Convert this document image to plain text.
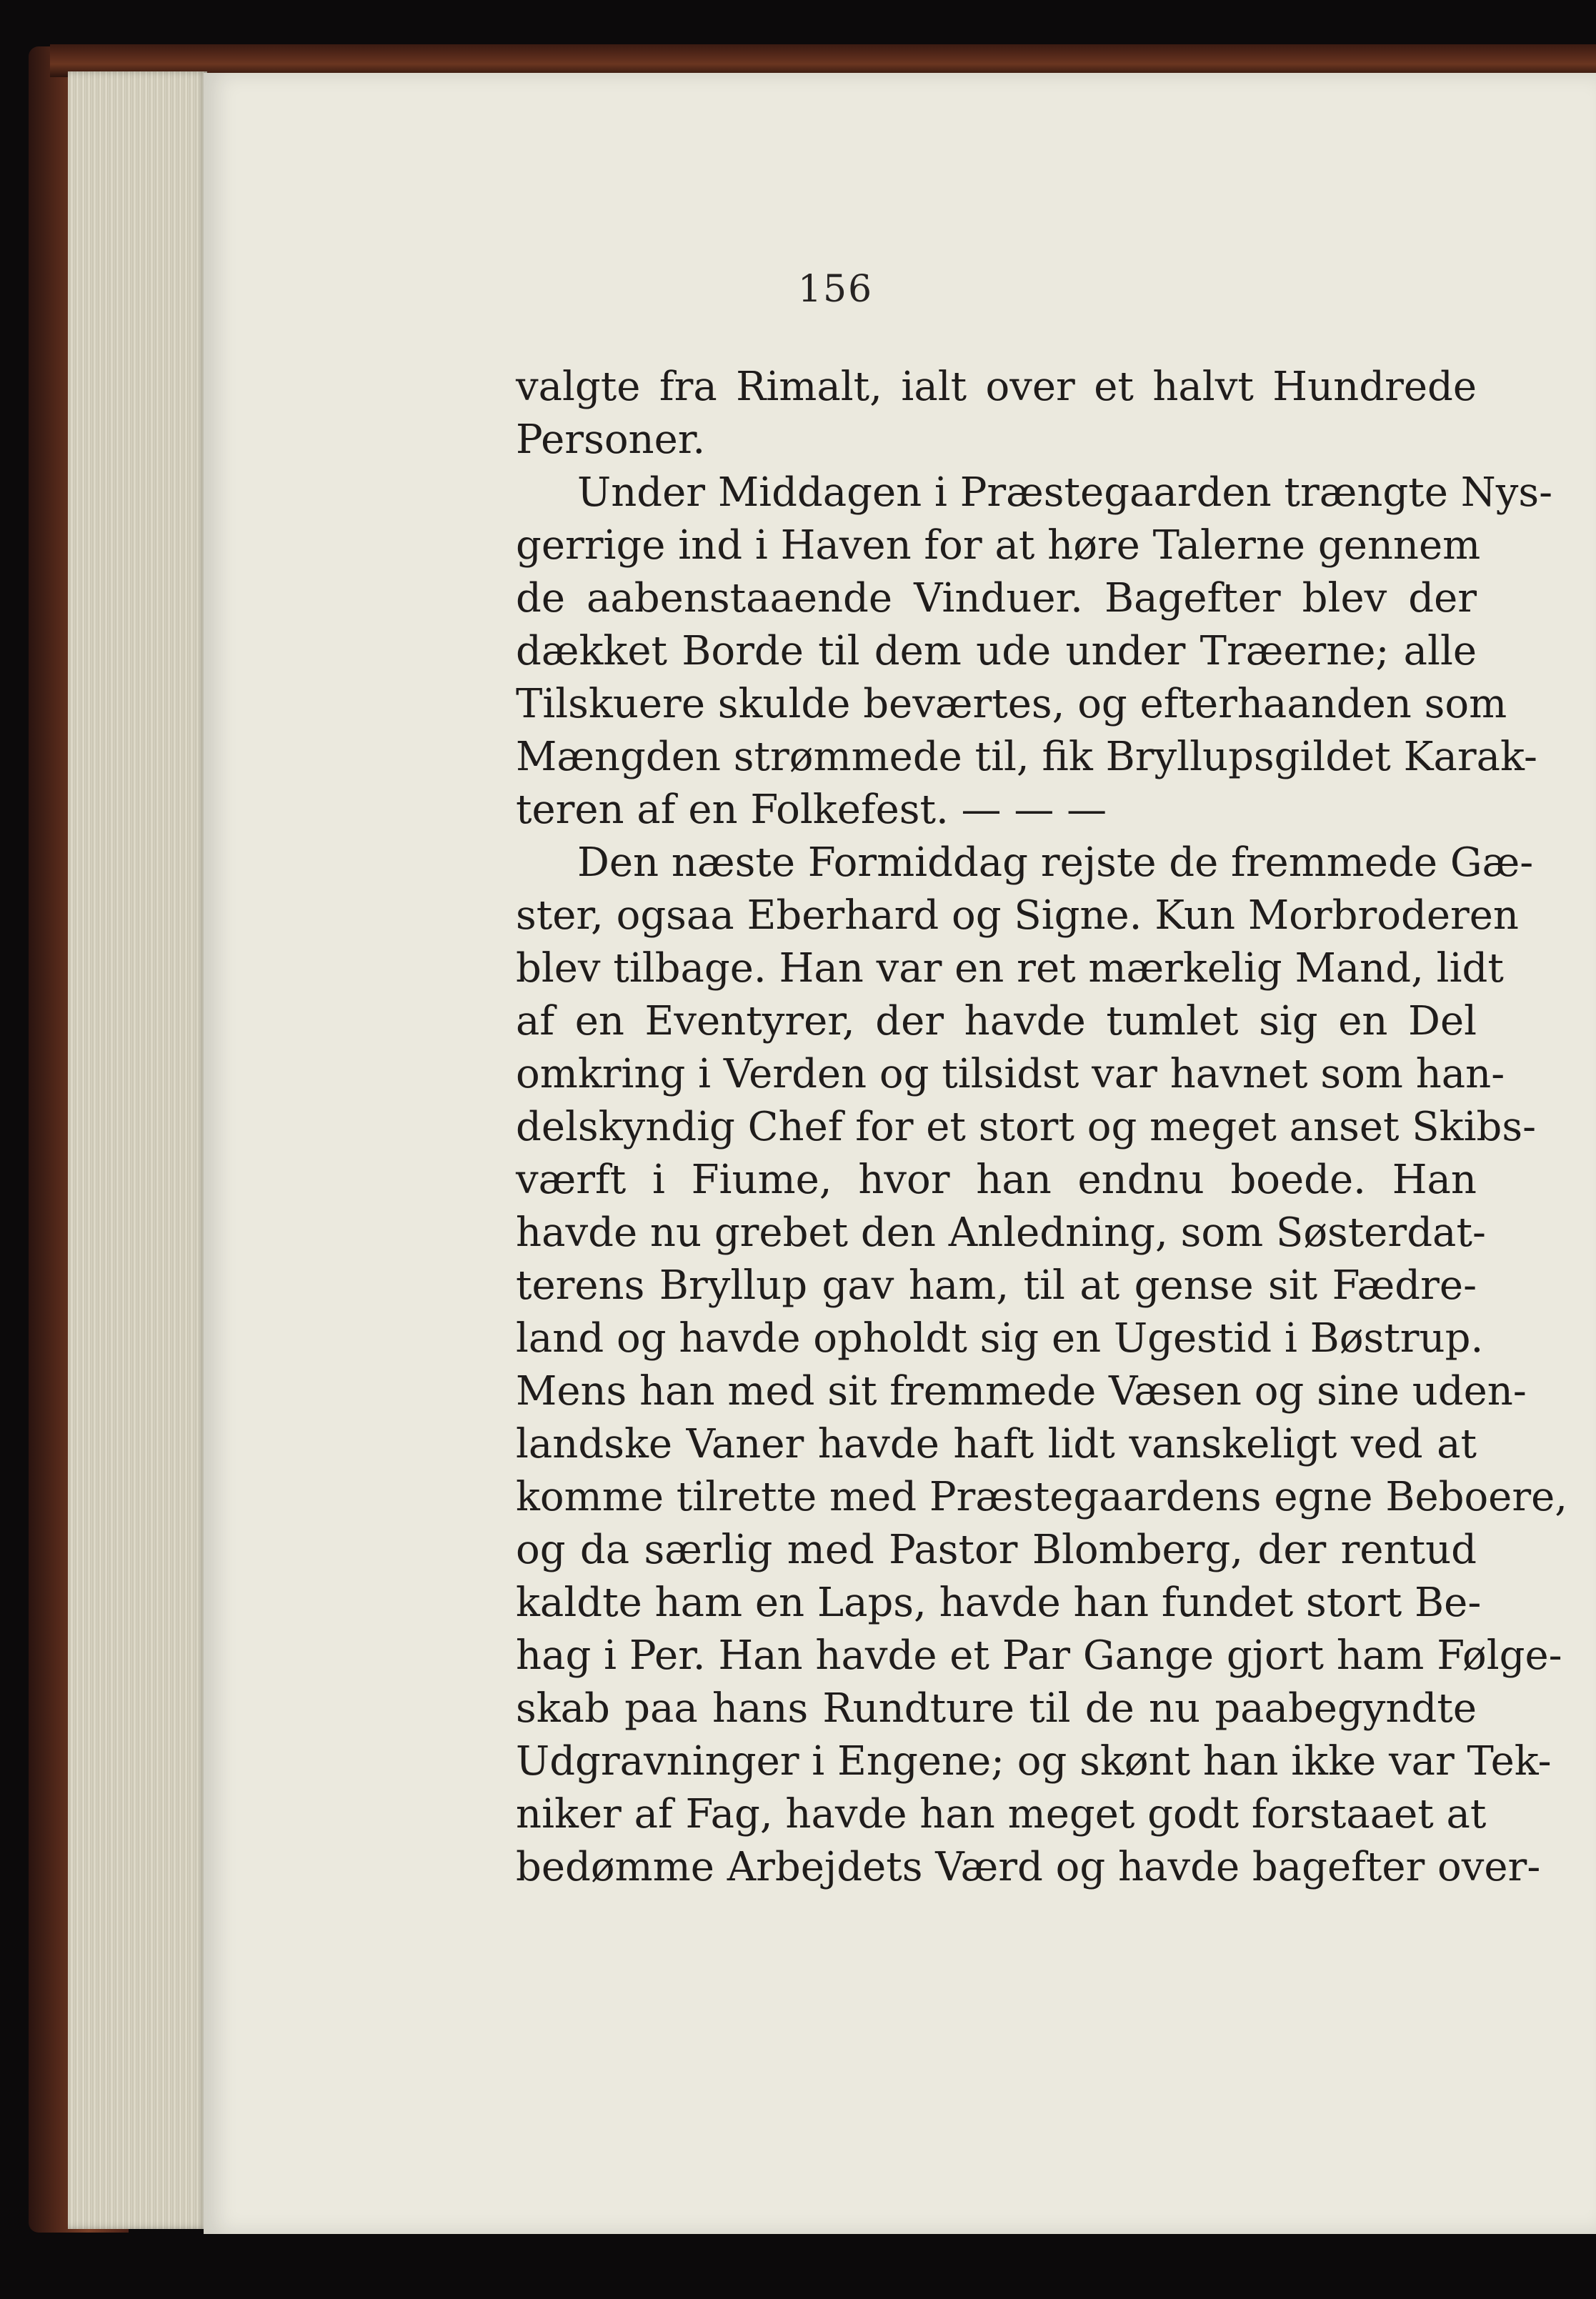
156
valgte fra Rimalt, ialt over et halvt Hundrede
Personer.
Under Middagen i Præstegaarden trængte Nys-
gerrige ind i Haven for at høre Talerne gennem
de aabenstaaende Vinduer. Bagefter blev der
dækket Borde til dem ude under Træerne; alle
Tilskuere skulde beværtes, og efterhaanden som
Mængden strømmede til, fik Bryllupsgildet Karak-
teren af en Folkefest. — — —
Den næste Formiddag rejste de fremmede Gæ-
ster, ogsaa Eberhard og Signe. Kun Morbroderen
blev tilbage. Han var en ret mærkelig Mand, lidt
af en Eventyrer, der havde tumlet sig en Del
omkring i Verden og tilsidst var havnet som han-
delskyndig Chef for et stort og meget anset Skibs-
værft i Fiume, hvor han endnu boede. Han
havde nu grebet den Anledning, som Søsterdat-
terens Bryllup gav ham, til at gense sit Fædre-
land og havde opholdt sig en Ugestid i Bøstrup.
Mens han med sit fremmede Væsen og sine uden-
landske Vaner havde haft lidt vanskeligt ved at
komme tilrette med Præstegaardens egne Beboere,
og da særlig med Pastor Blomberg, der rentud
kaldte ham en Laps, havde han fundet stort Be-
hag i Per. Han havde et Par Gange gjort ham Følge-
skab paa hans Rundture til de nu paabegyndte
Udgravninger i Engene; og skønt han ikke var Tek-
niker af Fag, havde han meget godt forstaaet at
bedømme Arbejdets Værd og havde bagefter over-
